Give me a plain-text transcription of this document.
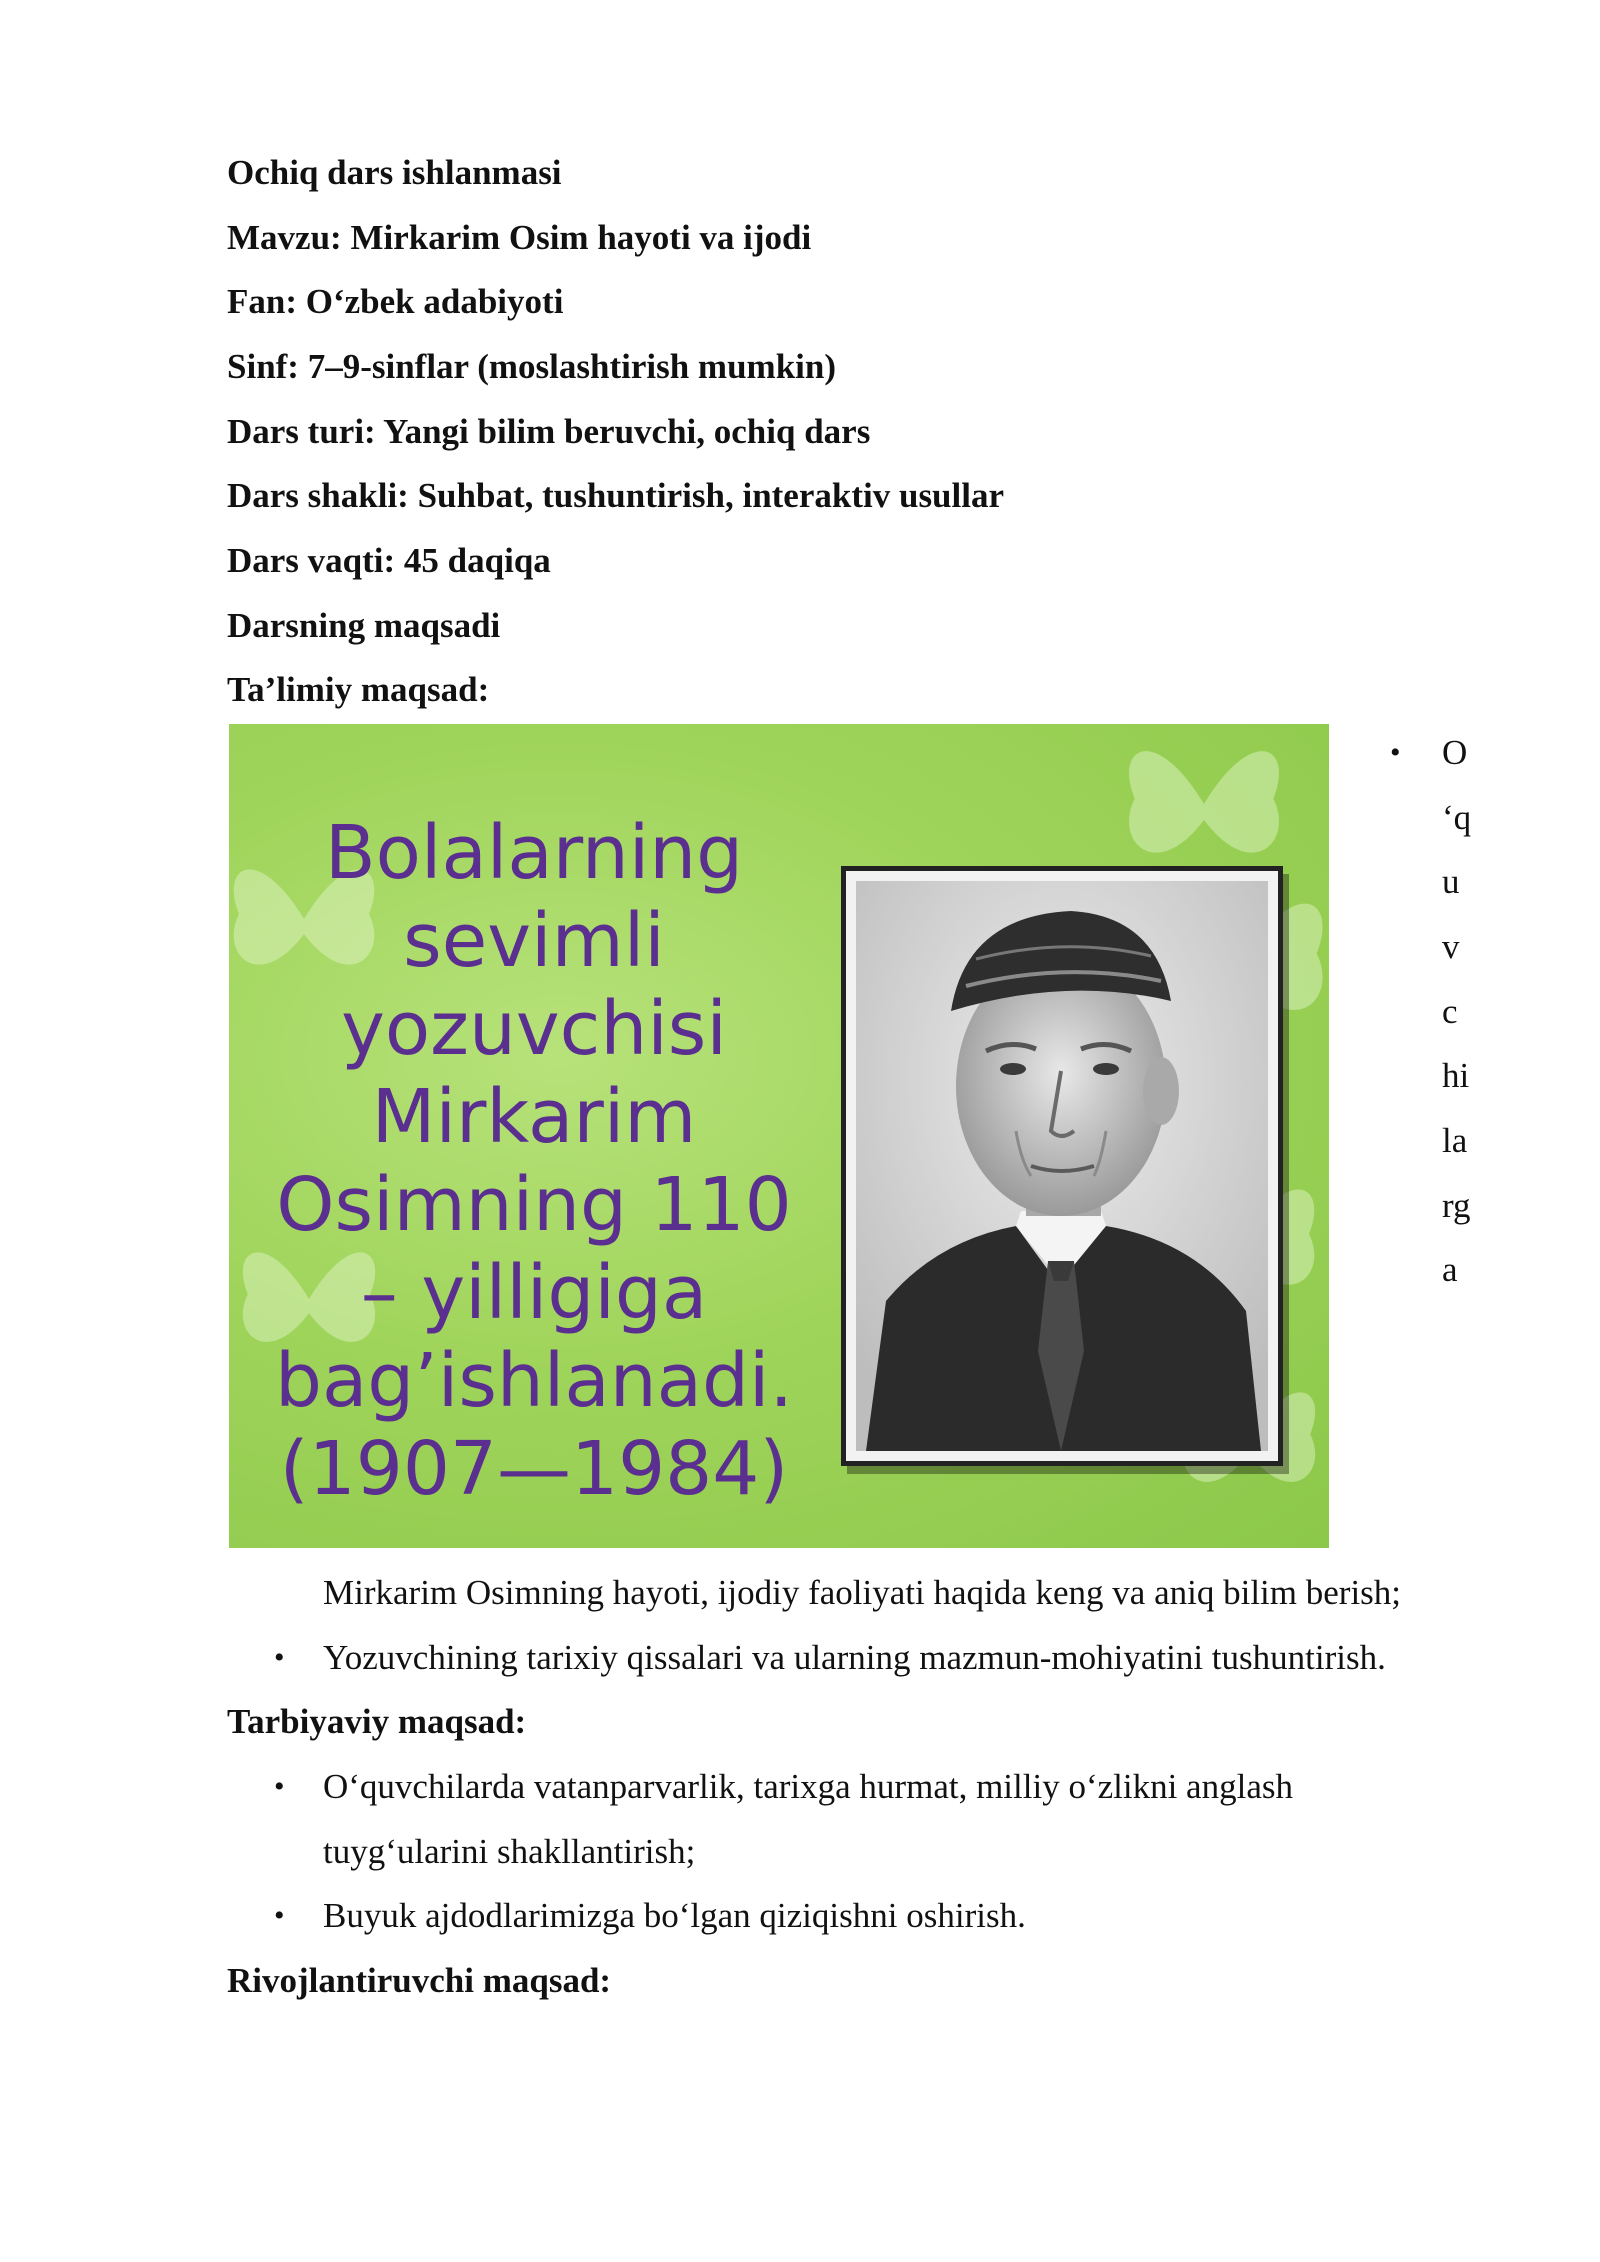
Ochiq dars ishlanmasi
Mavzu: Mirkarim Osim hayoti va ijodi
Fan: O‘zbek adabiyoti
Sinf: 7–9-sinflar (moslashtirish mumkin)
Dars turi: Yangi bilim beruvchi, ochiq dars
Dars shakli: Suhbat, tushuntirish, interaktiv usullar
Dars vaqti: 45 daqiqa
Darsning maqsadi
Ta’limiy maqsad:
Bolalarning
sevimli
yozuvchisi
Mirkarim
Osimning 110
– yilligiga
bag’ishlanadi.
(1907—1984)
• O
‘q
u
v
c
hi
la
rg
a
Mirkarim Osimning hayoti, ijodiy faoliyati haqida keng va aniq bilim berish;
• Yozuvchining tarixiy qissalari va ularning mazmun-mohiyatini tushuntirish.
Tarbiyaviy maqsad:
• O‘quvchilarda vatanparvarlik, tarixga hurmat, milliy o‘zlikni anglash
tuyg‘ularini shakllantirish;
• Buyuk ajdodlarimizga bo‘lgan qiziqishni oshirish.
Rivojlantiruvchi maqsad:
